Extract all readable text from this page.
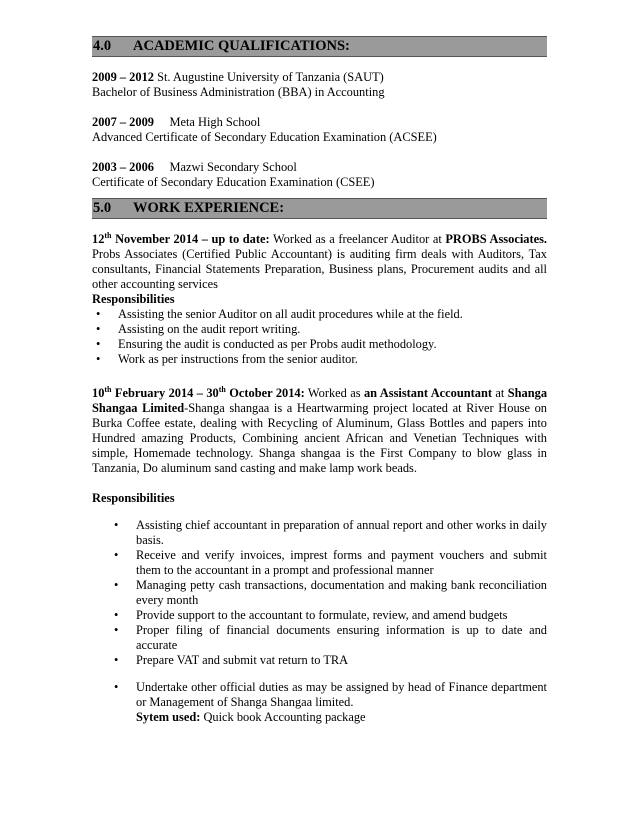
4.0 ACADEMIC QUALIFICATIONS:

2009 – 2012 St. Augustine University of Tanzania (SAUT)

Bachelor of Business Administration (BBA) in Accounting

2007 – 2009 Meta High School

Advanced Certificate of Secondary Education Examination (ACSEE)

2003 – 2006 Mazwi Secondary School

Certificate of Secondary Education Examination (CSEE)

5.0 WORK EXPERIENCE:

12th November 2014 – up to date: Worked as a freelancer Auditor at PROBS Associates. Probs Associates (Certified Public Accountant) is auditing firm deals with Auditors, Tax consultants, Financial Statements Preparation, Business plans, Procurement audits and all other accounting services

Responsibilities

• Assisting the senior Auditor on all audit procedures while at the field.
• Assisting on the audit report writing.
• Ensuring the audit is conducted as per Probs audit methodology.
• Work as per instructions from the senior auditor.

10th February 2014 – 30th October 2014: Worked as an Assistant Accountant at Shanga Shangaa Limited-Shanga shangaa is a Heartwarming project located at River House on Burka Coffee estate, dealing with Recycling of Aluminum, Glass Bottles and papers into Hundred amazing Products, Combining ancient African and Venetian Techniques with simple, Homemade technology. Shanga shangaa is the First Company to blow glass in Tanzania, Do aluminum sand casting and make lamp work beads.

Responsibilities

• Assisting chief accountant in preparation of annual report and other works in daily basis.
• Receive and verify invoices, imprest forms and payment vouchers and submit them to the accountant in a prompt and professional manner
• Managing petty cash transactions, documentation and making bank reconciliation every month
• Provide support to the accountant to formulate, review, and amend budgets
• Proper filing of financial documents ensuring information is up to date and accurate
• Prepare VAT and submit vat return to TRA
• Undertake other official duties as may be assigned by head of Finance department or Management of Shanga Shangaa limited.

Sytem used: Quick book Accounting package
